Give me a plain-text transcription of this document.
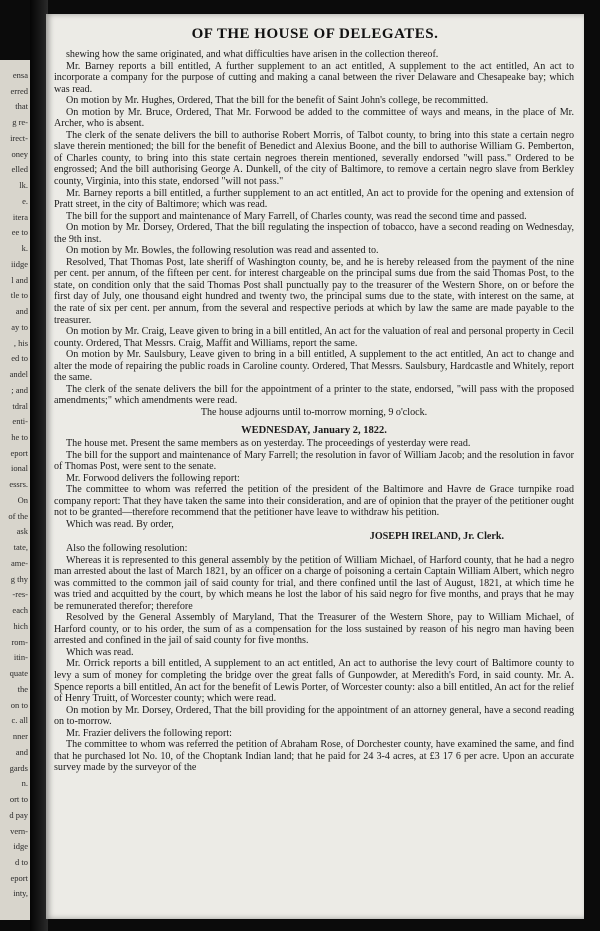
ensa
erred
that
g re-
irect-
oney
elled
lk.
e.
itera
ee to
k.
iidge
l and
tle to
and
ay to
, his
ed to
andel
; and
tdral
enti-
he to
eport
ional
essrs.
On
of the
ask
tate,
ame-
g thy
-res-
each
hich
rom-
itin-
quate
the
on to
c. all
nner
and
gards
n.
ort to
d pay
vern-
idge
d to
eport
inty,
OF THE HOUSE OF DELEGATES.

shewing how the same originated, and what difficulties have arisen in the collection thereof.

Mr. Barney reports a bill entitled, A further supplement to an act entitled, A supplement to the act entitled, An act to incorporate a company for the purpose of cutting and making a canal between the river Delaware and Chesapeake bay; which was read.

On motion by Mr. Hughes, Ordered, That the bill for the benefit of Saint John's college, be recommitted.

On motion by Mr. Bruce, Ordered, That Mr. Forwood be added to the committee of ways and means, in the place of Mr. Archer, who is absent.

The clerk of the senate delivers the bill to authorise Robert Morris, of Talbot county, to bring into this state a certain negro slave therein mentioned; the bill for the benefit of Benedict and Alexius Boone, and the bill to authorise William G. Pemberton, of Charles county, to bring into this state certain negroes therein mentioned, severally endorsed "will pass." Ordered to be engrossed; And the bill authorising George A. Dunkell, of the city of Baltimore, to remove a certain negro slave from Berkley county, Virginia, into this state, endorsed "will not pass."

Mr. Barney reports a bill entitled, a further supplement to an act entitled, An act to provide for the opening and extension of Pratt street, in the city of Baltimore; which was read.

The bill for the support and maintenance of Mary Farrell, of Charles county, was read the second time and passed.

On motion by Mr. Dorsey, Ordered, That the bill regulating the inspection of tobacco, have a second reading on Wednesday, the 9th inst.

On motion by Mr. Bowles, the following resolution was read and assented to.

Resolved, That Thomas Post, late sheriff of Washington county, be, and he is hereby released from the payment of the nine per cent. per annum, of the fifteen per cent. for interest chargeable on the principal sums due from the said Thomas Post, to the state, on condition only that the said Thomas Post shall punctually pay to the treasurer of the Western Shore, on or before the first day of July, one thousand eight hundred and twenty two, the principal sums due to the state, with interest on the same, at the rate of six per cent. per annum, from the several and respective periods at which by law the same are made payable to the treasurer.

On motion by Mr. Craig, Leave given to bring in a bill entitled, An act for the valuation of real and personal property in Cecil county. Ordered, That Messrs. Craig, Maffit and Williams, report the same.

On motion by Mr. Saulsbury, Leave given to bring in a bill entitled, A supplement to the act entitled, An act to change and alter the mode of repairing the public roads in Caroline county. Ordered, That Messrs. Saulsbury, Hardcastle and Whitely, report the same.

The clerk of the senate delivers the bill for the appointment of a printer to the state, endorsed, "will pass with the proposed amendments;" which amendments were read.

The house adjourns until to-morrow morning, 9 o'clock.

WEDNESDAY, January 2, 1822.

The house met. Present the same members as on yesterday. The proceedings of yesterday were read.

The bill for the support and maintenance of Mary Farrell; the resolution in favor of William Jacob; and the resolution in favor of Thomas Post, were sent to the senate.

Mr. Forwood delivers the following report:

The committee to whom was referred the petition of the president of the Baltimore and Havre de Grace turnpike road company report: That they have taken the same into their consideration, and are of opinion that the prayer of the petitioner ought not to be granted—therefore recommend that the petitioner have leave to withdraw his petition.

Which was read. By order,

JOSEPH IRELAND, Jr. Clerk.

Also the following resolution:

Whereas it is represented to this general assembly by the petition of William Michael, of Harford county, that he had a negro man arrested about the last of March 1821, by an officer on a charge of poisoning a certain Captain William Albert, which negro was committed to the common jail of said county for trial, and there confined until the last of August, 1821, at which time he was tried and acquitted by the court, by which means he lost the labor of his said negro for five months, and prays that he may be remunerated therefor; therefore

Resolved by the General Assembly of Maryland, That the Treasurer of the Western Shore, pay to William Michael, of Harford county, or to his order, the sum of as a compensation for the loss sustained by reason of his negro man having been arrested and confined in the jail of said county for five months.

Which was read.

Mr. Orrick reports a bill entitled, A supplement to an act entitled, An act to authorise the levy court of Baltimore county to levy a sum of money for completing the bridge over the great falls of Gunpowder, at Meredith's Ford, in said county. Mr. A. Spence reports a bill entitled, An act for the benefit of Lewis Porter, of Worcester county: also a bill entitled, An act for the relief of Henry Truitt, of Worcester county; which were read.

On motion by Mr. Dorsey, Ordered, That the bill providing for the appointment of an attorney general, have a second reading on to-morrow.

Mr. Frazier delivers the following report:

The committee to whom was referred the petition of Abraham Rose, of Dorchester county, have examined the same, and find that he purchased lot No. 10, of the Choptank Indian land; that he paid for 24 3-4 acres, at £3 17 6 per acre. Upon an accurate survey made by the surveyor of the
